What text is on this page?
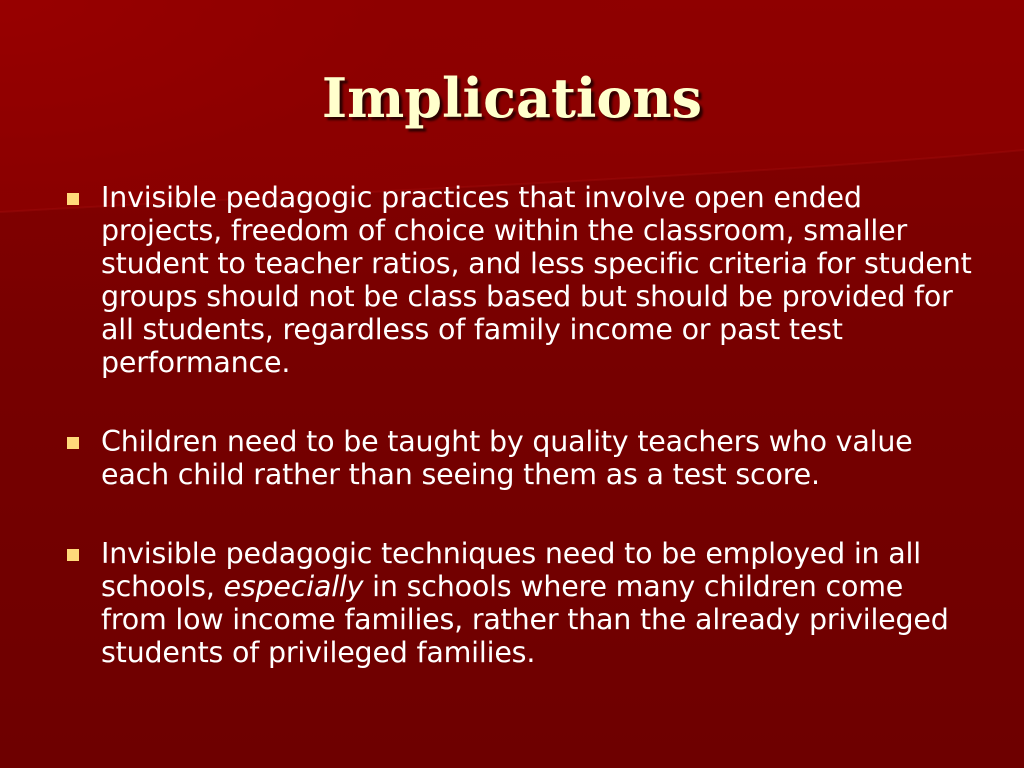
Implications
Invisible pedagogic practices that involve open ended projects, freedom of choice within the classroom, smaller student to teacher ratios, and less specific criteria for student groups should not be class based but should be provided for all students, regardless of family income or past test performance.
Children need to be taught by quality teachers who value each child rather than seeing them as a test score.
Invisible pedagogic techniques need to be employed in all schools, especially in schools where many children come from low income families, rather than the already privileged students of privileged families.
